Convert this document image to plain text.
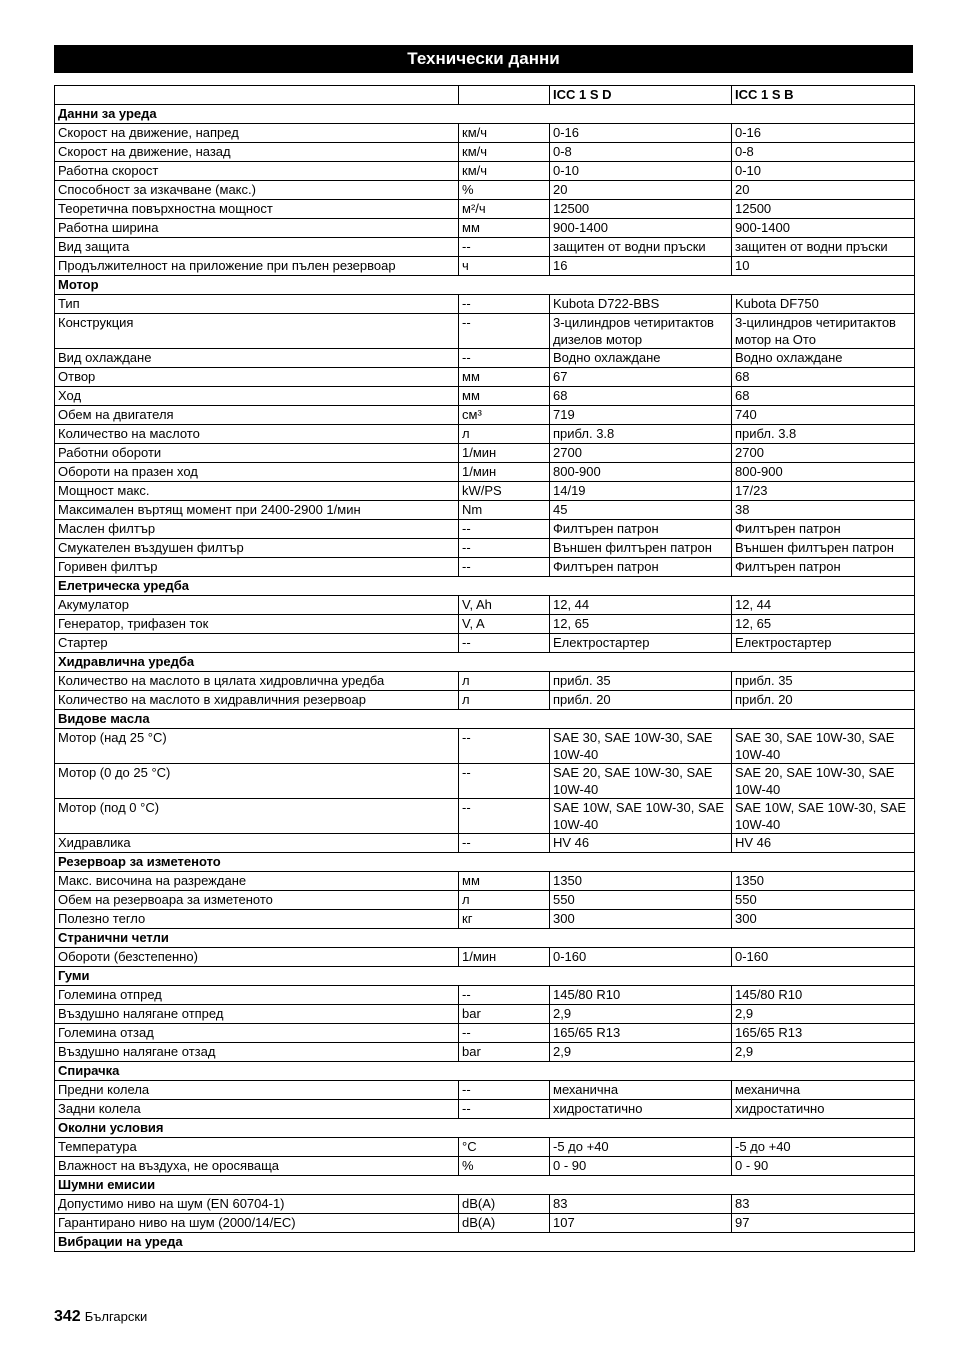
Технически данни
		ICC 1 S D	ICC 1 S B
Данни за уреда			
Скорост на движение, напред	км/ч	0-16	0-16
Скорост на движение, назад	км/ч	0-8	0-8
Работна скорост	км/ч	0-10	0-10
Способност за изкачване (макс.)	%	20	20
Теоретична повърхностна мощност	м²/ч	12500	12500
Работна ширина	мм	900-1400	900-1400
Вид защита	--	защитен от водни пръски	защитен от водни пръски
Продължителност на приложение при пълен резервоар	ч	16	10
Мотор			
Тип	--	Kubota D722-BBS	Kubota DF750
Конструкция	--	3-цилиндров четиритактов дизелов мотор	3-цилиндров четиритактов мотор на Ото
Вид охлаждане	--	Водно охлаждане	Водно охлаждане
Отвор	мм	67	68
Ход	мм	68	68
Обем на двигателя	см³	719	740
Количество на маслото	л	прибл. 3.8	прибл. 3.8
Работни обороти	1/мин	2700	2700
Обороти на празен ход	1/мин	800-900	800-900
Мощност макс.	kW/PS	14/19	17/23
Максимален въртящ момент при 2400-2900 1/мин	Nm	45	38
Маслен филтър	--	Филтърен патрон	Филтърен патрон
Смукателен въздушен филтър	--	Външен филтърен патрон	Външен филтърен патрон
Горивен филтър	--	Филтърен патрон	Филтърен патрон
Елетрическа уредба			
Акумулатор	V, Ah	12, 44	12, 44
Генератор, трифазен ток	V, A	12, 65	12, 65
Стартер	--	Електростартер	Електростартер
Хидравлична уредба			
Количество на маслото в цялата хидровлична уредба	л	прибл. 35	прибл. 35
Количество на маслото в хидравличния резервоар	л	прибл. 20	прибл. 20
Видове масла			
Мотор (над 25 °C)	--	SAE 30, SAE 10W-30, SAE 10W-40	SAE 30, SAE 10W-30, SAE 10W-40
Мотор (0 до 25 °C)	--	SAE 20, SAE 10W-30, SAE 10W-40	SAE 20, SAE 10W-30, SAE 10W-40
Мотор (под 0 °C)	--	SAE 10W, SAE 10W-30, SAE 10W-40	SAE 10W, SAE 10W-30, SAE 10W-40
Хидравлика	--	HV 46	HV 46
Резервоар за изметеното			
Макс. височина на разреждане	мм	1350	1350
Обем на резервоара за изметеното	л	550	550
Полезно тегло	кг	300	300
Странични четли			
Обороти (безстепенно)	1/мин	0-160	0-160
Гуми			
Големина отпред	--	145/80 R10	145/80 R10
Въздушно налягане отпред	bar	2,9	2,9
Големина отзад	--	165/65 R13	165/65 R13
Въздушно налягане отзад	bar	2,9	2,9
Спирачка			
Предни колела	--	механична	механична
Задни колела	--	хидростатично	хидростатично
Околни условия			
Температура	°C	-5 до +40	-5 до +40
Влажност на въздуха, не оросяваща	%	0 - 90	0 - 90
Шумни емисии			
Допустимо ниво на шум (EN 60704-1)	dB(A)	83	83
Гарантирано ниво на шум (2000/14/EC)	dB(A)	107	97
Вибрации на уреда			
342 Български
